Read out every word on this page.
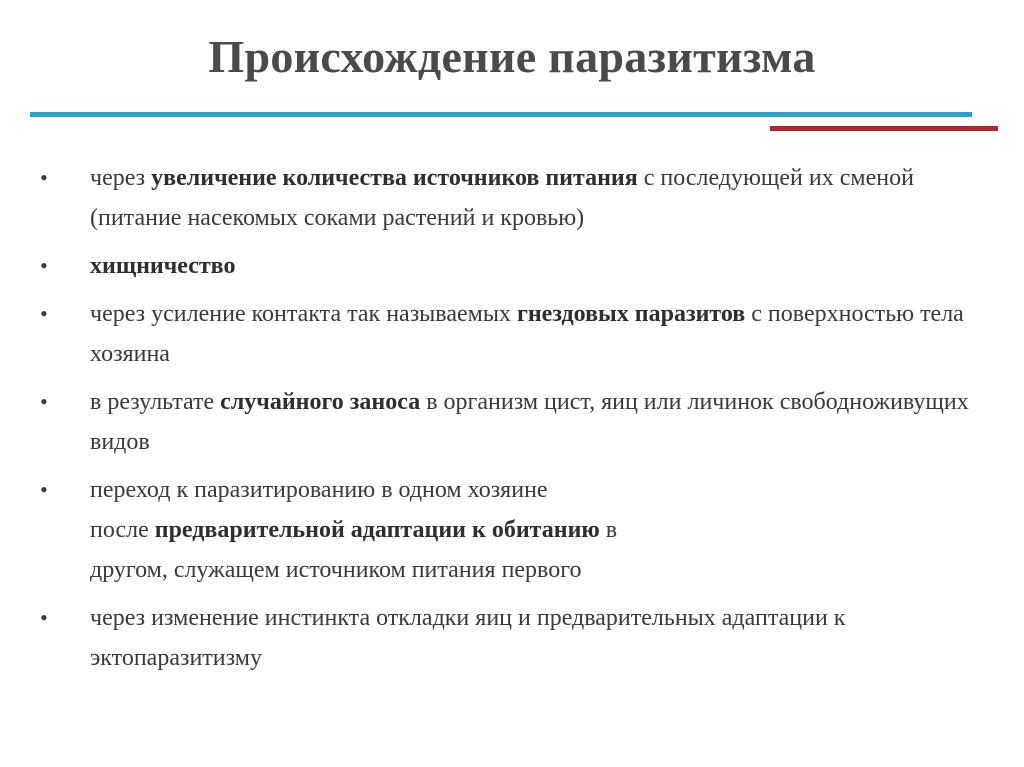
Происхождение паразитизма
• через увеличение количества источников питания с последующей их сменой (питание насекомых соками растений и кровью)
• хищничество
• через усиление контакта так называемых гнездовых паразитов с поверхностью тела хозяина
• в результате случайного заноса в организм цист, яиц или личинок свободноживущих видов
• переход к паразитированию в одном хозяине
после предварительной адаптации к обитанию в
другом, служащем источником питания первого
• через изменение инстинкта откладки яиц и предварительных адаптации к эктопаразитизму
